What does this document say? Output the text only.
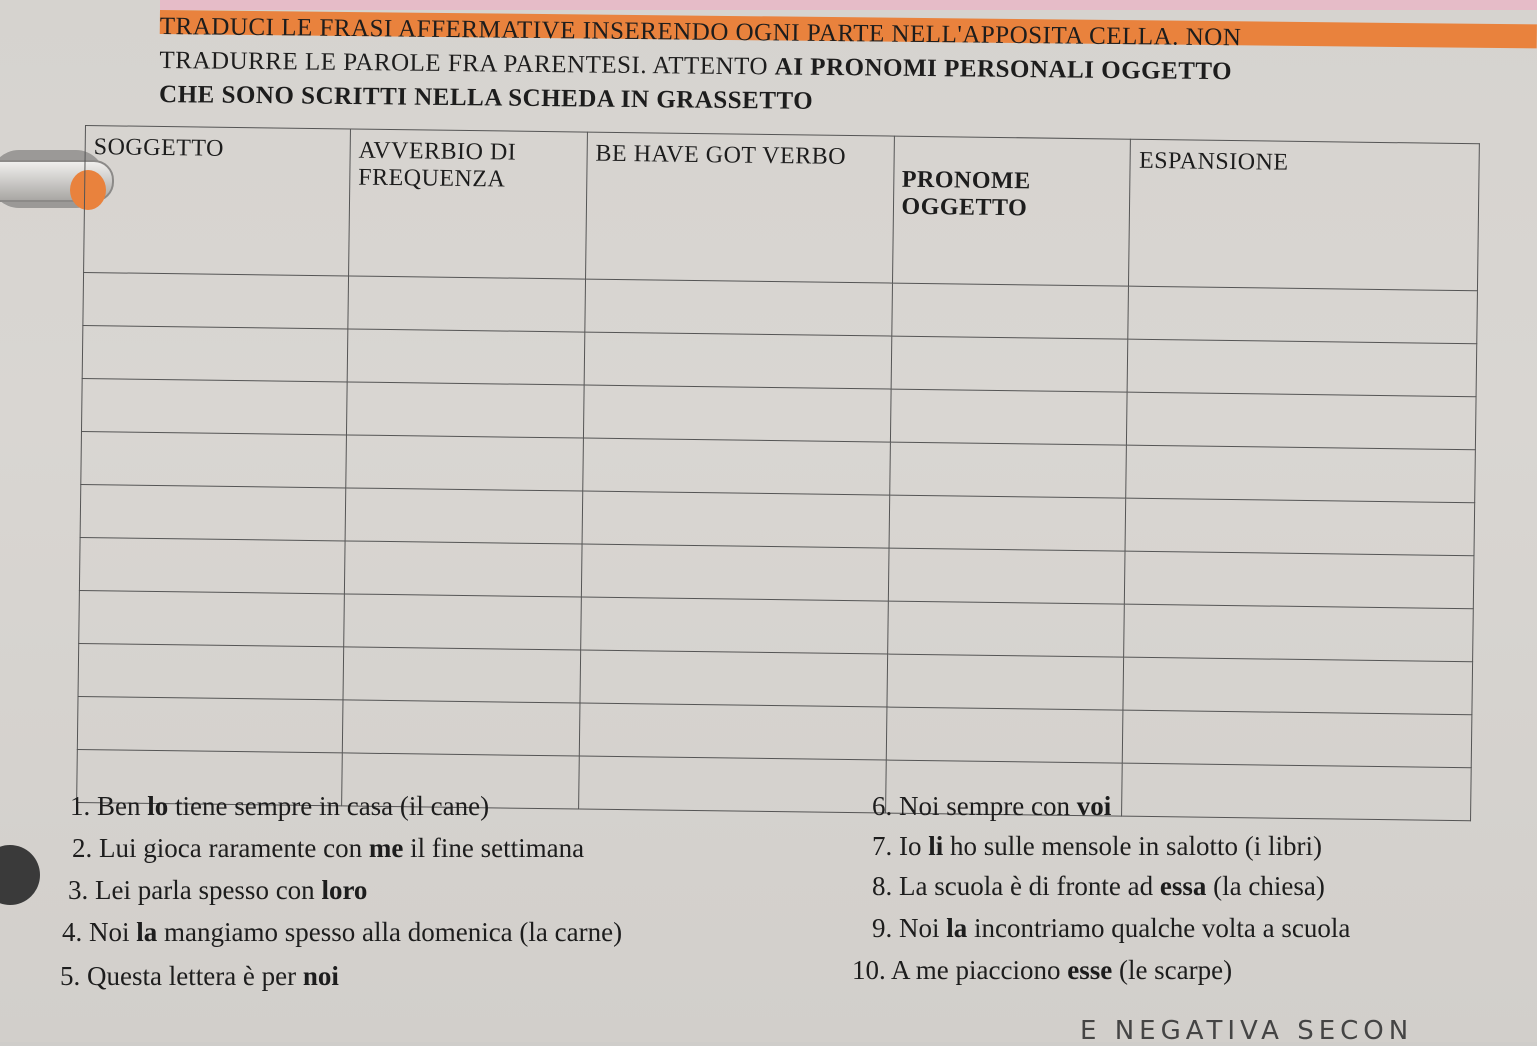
TRADUCI LE FRASI AFFERMATIVE INSERENDO OGNI PARTE NELL'APPOSITA CELLA. NON
TRADURRE LE PAROLE FRA PARENTESI. ATTENTO AI PRONOMI PERSONALI OGGETTO
CHE SONO SCRITTI NELLA SCHEDA IN GRASSETTO
SOGGETTO	AVVERBIO DI FREQUENZA	BE HAVE GOT VERBO	PRONOME OGGETTO	ESPANSIONE

1. Ben lo tiene sempre in casa (il cane)
2. Lui gioca raramente con me il fine settimana
3. Lei parla spesso con loro
4. Noi la mangiamo spesso alla domenica (la carne)
5. Questa lettera è per noi
6. Noi sempre con voi
7. Io li ho sulle mensole in salotto (i libri)
8. La scuola è di fronte ad essa (la chiesa)
9. Noi la incontriamo qualche volta a scuola
10. A me piacciono esse (le scarpe)
E NEGATIVA SECON
